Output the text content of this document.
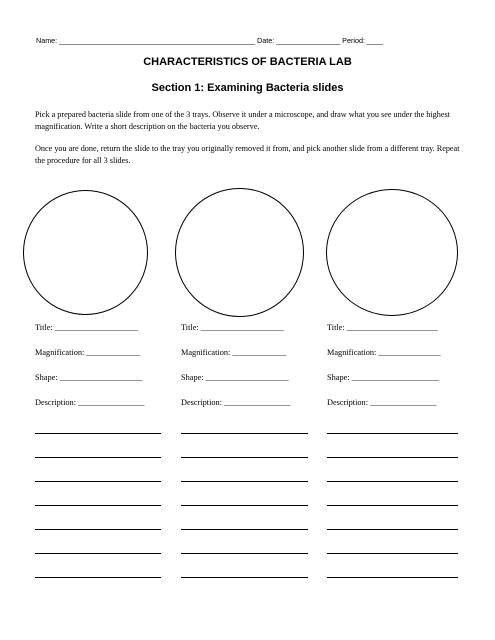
Name: _________________________________________________ Date: ________________ Period: ____
CHARACTERISTICS OF BACTERIA LAB
Section 1: Examining Bacteria slides
Pick a prepared bacteria slide from one of the 3 trays. Observe it under a microscope, and draw what you see under the highest magnification. Write a short description on the bacteria you observe.
Once you are done, return the slide to the tray you originally removed it from, and pick another slide from a different tray. Repeat the procedure for all 3 slides.
Title: ____________________
Magnification: _____________
Shape: ____________________
Description: ________________
Title: ____________________
Magnification: _____________
Shape: ____________________
Description: ________________
Title: ______________________
Magnification: _______________
Shape: _____________________
Description: ________________
